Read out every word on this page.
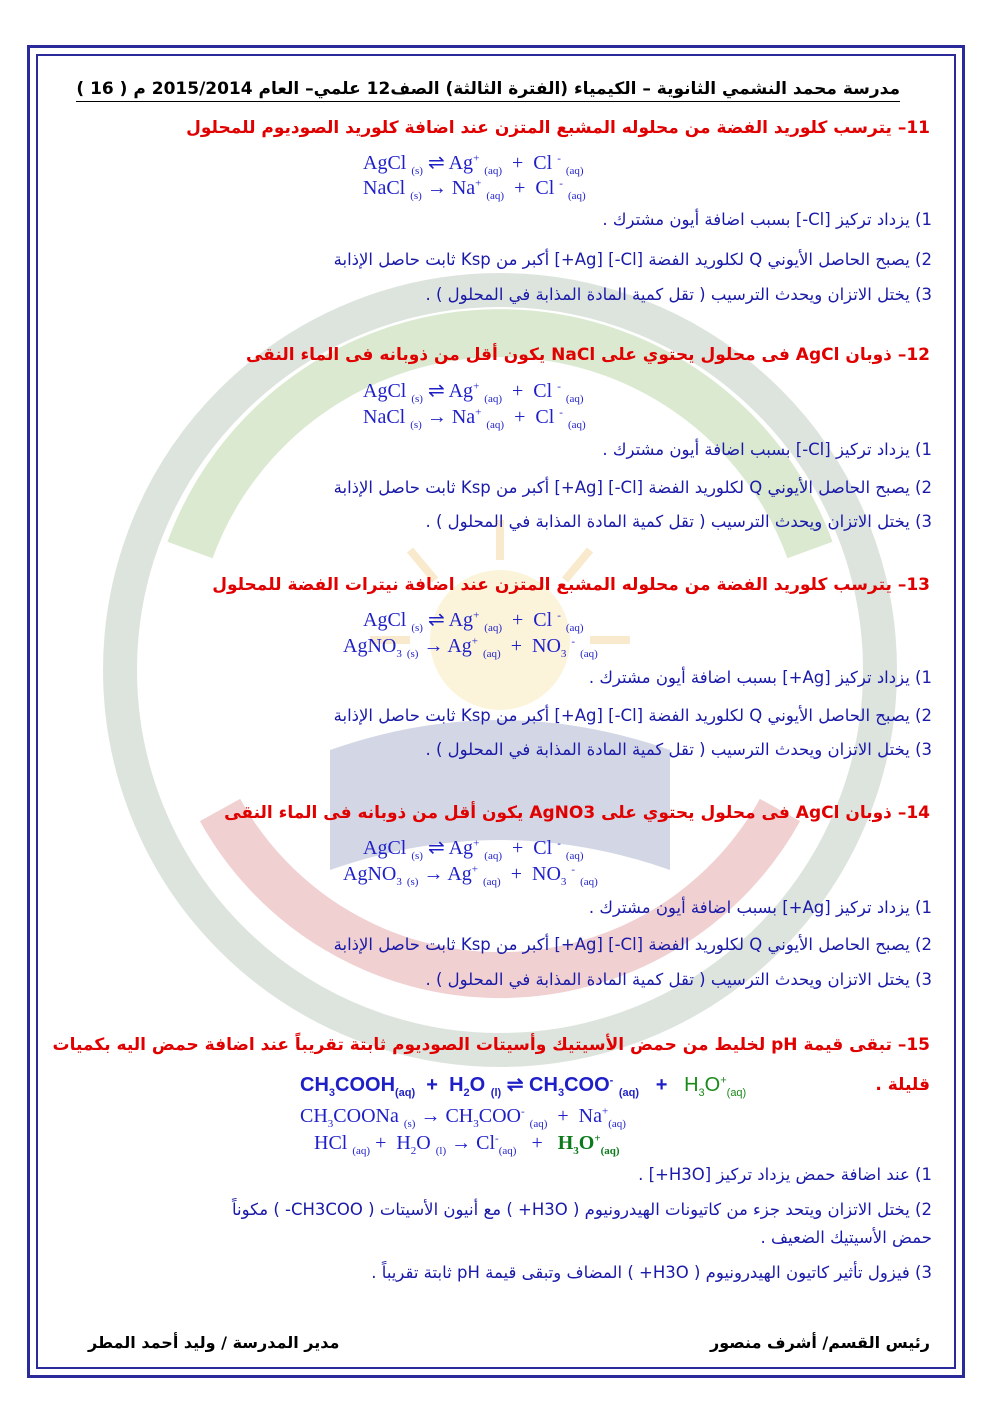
مدرسة محمد النشمي الثانوية – الكيمياء (الفترة الثالثة) الصف12 علمي– العام 2015/2014 م ( 16 )
11– يترسب كلوريد الفضة من محلوله المشبع المتزن عند اضافة كلوريد الصوديوم للمحلول
AgCl $_{(s)}$ ⇌ Ag+ $_{(aq)}$  +  Cl - $_{(aq)}$
NaCl $_{(s)}$ → Na+ $_{(aq)}$  +  Cl - $_{(aq)}$
1) يزداد تركيز [Cl-] بسبب اضافة أيون مشترك .
2) يصبح الحاصل الأيوني Q لكلوريد الفضة [Cl-] [Ag+] أكبر من Ksp ثابت حاصل الإذابة
3) يختل الاتزان ويحدث الترسيب ( تقل كمية المادة المذابة في المحلول ) .
12– ذوبان AgCl فى محلول يحتوي على NaCl يكون أقل من ذوبانه فى الماء النقى
AgCl $_{(s)}$ ⇌ Ag+ $_{(aq)}$  +  Cl - $_{(aq)}$
NaCl $_{(s)}$ → Na+ $_{(aq)}$  +  Cl - $_{(aq)}$
1) يزداد تركيز [Cl-] بسبب اضافة أيون مشترك .
2) يصبح الحاصل الأيوني Q لكلوريد الفضة [Cl-] [Ag+] أكبر من Ksp ثابت حاصل الإذابة
3) يختل الاتزان ويحدث الترسيب ( تقل كمية المادة المذابة في المحلول ) .
13– يترسب كلوريد الفضة من محلوله المشبع المتزن عند اضافة نيترات الفضة للمحلول
AgCl $_{(s)}$ ⇌ Ag+ $_{(aq)}$  +  Cl - $_{(aq)}$
AgNO$_3$ $_{(s)}$ → Ag+ $_{(aq)} + NO_3$ - $_{(aq)}$
1) يزداد تركيز [Ag+] بسبب اضافة أيون مشترك .
2) يصبح الحاصل الأيوني Q لكلوريد الفضة [Cl-] [Ag+] أكبر من Ksp ثابت حاصل الإذابة
3) يختل الاتزان ويحدث الترسيب ( تقل كمية المادة المذابة في المحلول ) .
14– ذوبان AgCl فى محلول يحتوي على AgNO3 يكون أقل من ذوبانه فى الماء النقى
AgCl $_{(s)}$ ⇌ Ag+ $_{(aq)}$  +  Cl - $_{(aq)}$
AgNO$_3$ $_{(s)}$ → Ag+ $_{(aq)} + NO_3$ - $_{(aq)}$
1) يزداد تركيز [Ag+] بسبب اضافة أيون مشترك .
2) يصبح الحاصل الأيوني Q لكلوريد الفضة [Cl-] [Ag+] أكبر من Ksp ثابت حاصل الإذابة
3) يختل الاتزان ويحدث الترسيب ( تقل كمية المادة المذابة في المحلول ) .
15– تبقى قيمة pH لخليط من حمض الأسيتيك وأسيتات الصوديوم ثابتة تقريباً عند اضافة حمض اليه بكميات
قليلة .
$CH_3COOH_{(aq)} + H_2O$ $_{(l)}$ ⇌ $CH_3COO^-$ $_{(aq)} + H_3O^+_{(aq)}$
$CH_3COONa$ $_{(s)} \to CH_3COO^-$ $_{(aq)} + Na^+_{(aq)}$
HCl $_{(aq)} + H_2O$ $_{(l)} \to Cl^-_{(aq)} + H_3O^+_{(aq)}$
1) عند اضافة حمض يزداد تركيز [H3O+] .
2) يختل الاتزان ويتحد جزء من كاتيونات الهيدرونيوم ( H3O+ ) مع أنيون الأسيتات ( CH3COO- ) مكوناً
حمض الأسيتيك الضعيف .
3) فيزول تأثير كاتيون الهيدرونيوم ( H3O+ ) المضاف وتبقى قيمة pH ثابتة تقريباً .
رئيس القسم/ أشرف منصور
مدير المدرسة / وليد أحمد المطر
